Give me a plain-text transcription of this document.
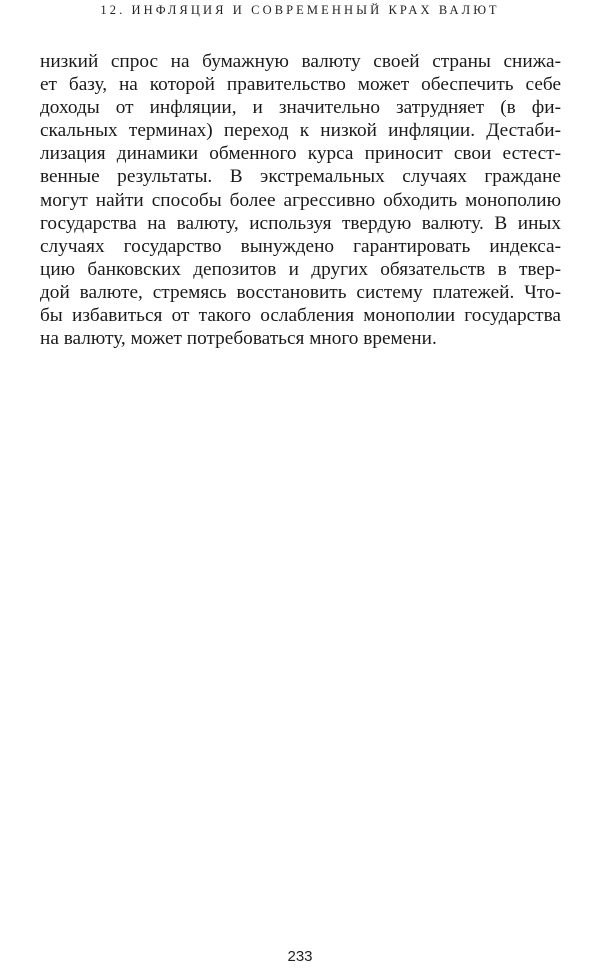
12. ИНФЛЯЦИЯ И СОВРЕМЕННЫЙ КРАХ ВАЛЮТ
низкий спрос на бумажную валюту своей страны снижа-
ет базу, на которой правительство может обеспечить себе
доходы от инфляции, и значительно затрудняет (в фи-
скальных терминах) переход к низкой инфляции. Дестаби-
лизация динамики обменного курса приносит свои естест-
венные результаты. В экстремальных случаях граждане
могут найти способы более агрессивно обходить монополию
государства на валюту, используя твердую валюту. В иных
случаях государство вынуждено гарантировать индекса-
цию банковских депозитов и других обязательств в твер-
дой валюте, стремясь восстановить систему платежей. Что-
бы избавиться от такого ослабления монополии государства
на валюту, может потребоваться много времени.
233
